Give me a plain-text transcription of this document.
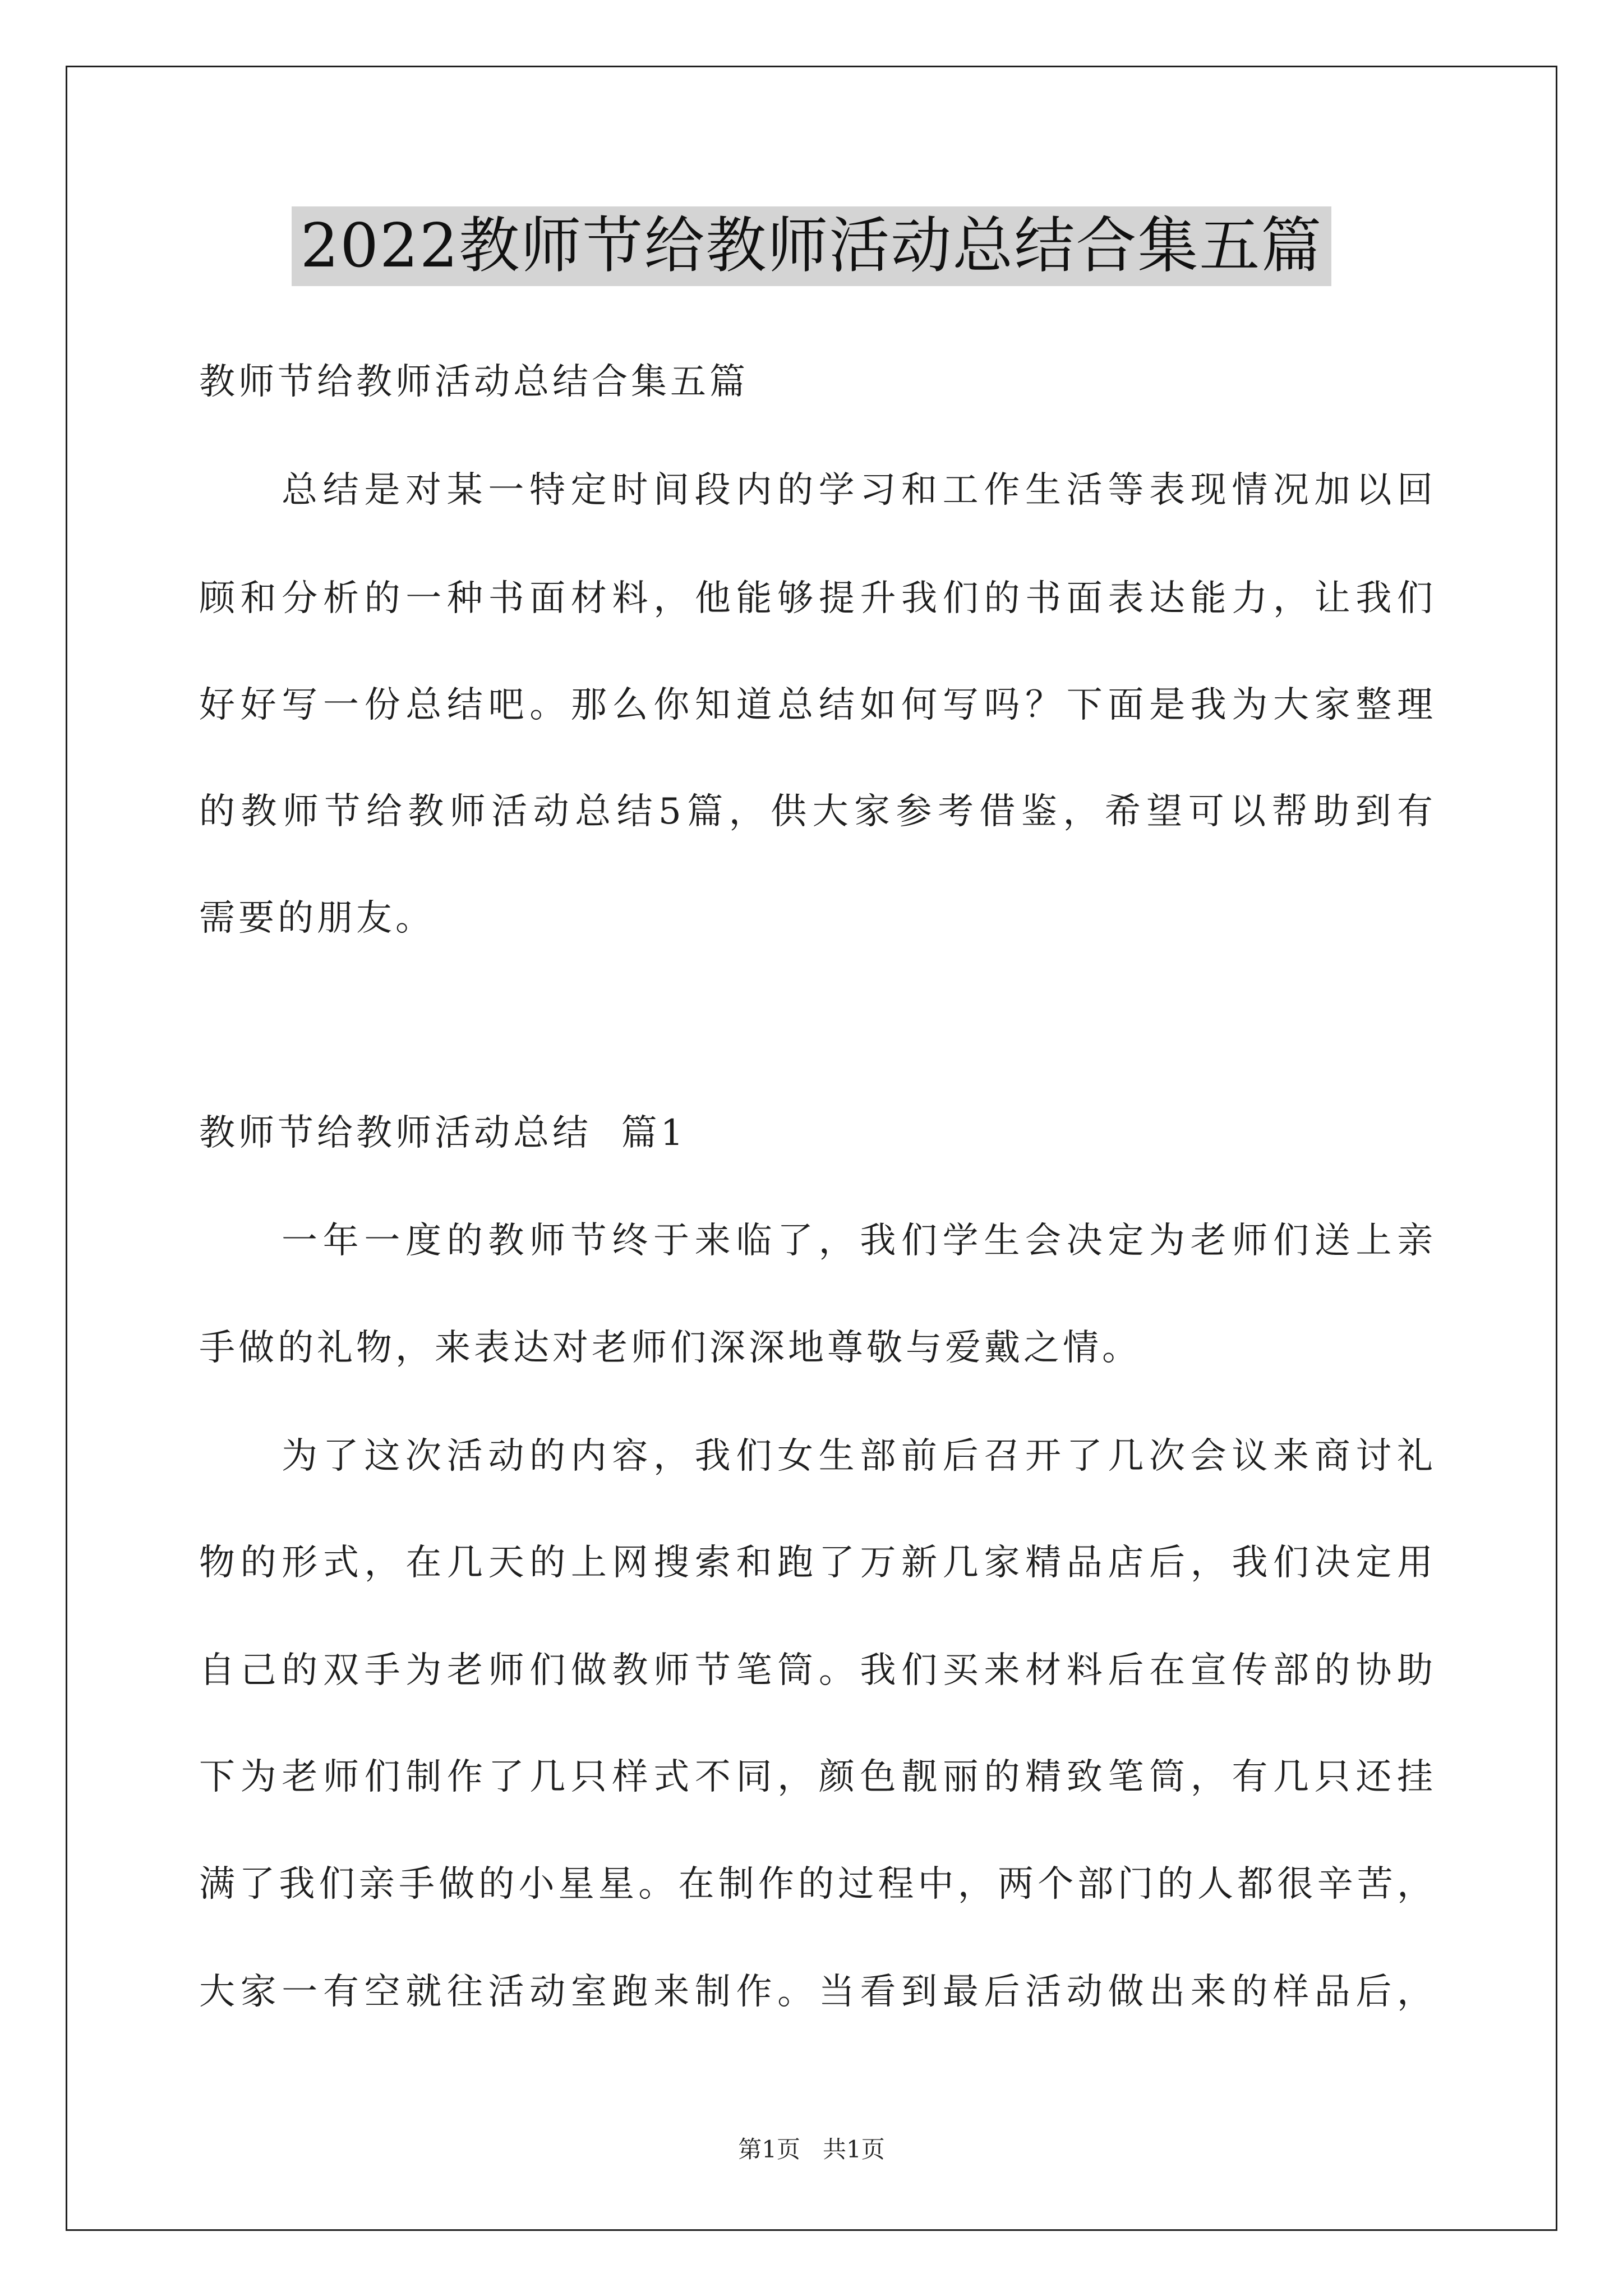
2022教师节给教师活动总结合集五篇
教师节给教师活动总结合集五篇
总结是对某一特定时间段内的学习和工作生活等表现情况加以回
顾和分析的一种书面材料，他能够提升我们的书面表达能力，让我们
好好写一份总结吧。那么你知道总结如何写吗？下面是我为大家整理
的教师节给教师活动总结5篇，供大家参考借鉴，希望可以帮助到有
需要的朋友。
教师节给教师活动总结  篇1
一年一度的教师节终于来临了，我们学生会决定为老师们送上亲
手做的礼物，来表达对老师们深深地尊敬与爱戴之情。
为了这次活动的内容，我们女生部前后召开了几次会议来商讨礼
物的形式，在几天的上网搜索和跑了万新几家精品店后，我们决定用
自己的双手为老师们做教师节笔筒。我们买来材料后在宣传部的协助
下为老师们制作了几只样式不同，颜色靓丽的精致笔筒，有几只还挂
满了我们亲手做的小星星。在制作的过程中，两个部门的人都很辛苦，
大家一有空就往活动室跑来制作。当看到最后活动做出来的样品后，
第1页   共1页
